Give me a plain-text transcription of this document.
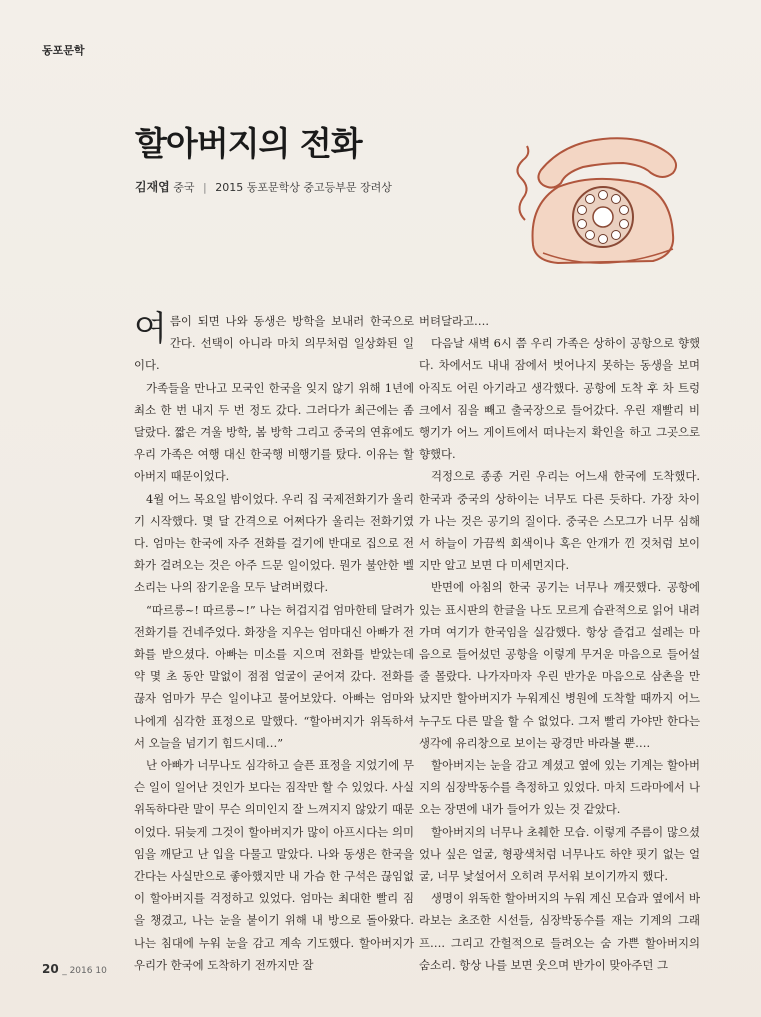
동포문학
할아버지의 전화
김재엽 중국 | 2015 동포문학상 중고등부문 장려상

여름이 되면 나와 동생은 방학을 보내러 한국으로 간다. 선택이 아니라 마치 의무처럼 일상화된 일이다.

가족들을 만나고 모국인 한국을 잊지 않기 위해 1년에 최소 한 번 내지 두 번 정도 갔다. 그러다가 최근에는 좀 달랐다. 짧은 겨울 방학, 봄 방학 그리고 중국의 연휴에도 우리 가족은 여행 대신 한국행 비행기를 탔다. 이유는 할아버지 때문이었다.

4월 어느 목요일 밤이었다. 우리 집 국제전화기가 울리기 시작했다. 몇 달 간격으로 어쩌다가 울리는 전화기였다. 엄마는 한국에 자주 전화를 걸기에 반대로 집으로 전화가 걸려오는 것은 아주 드문 일이었다. 뭔가 불안한 벨 소리는 나의 잠기운을 모두 날려버렸다.

“따르릉~! 따르릉~!” 나는 허겁지겁 엄마한테 달려가 전화기를 건네주었다. 화장을 지우는 엄마대신 아빠가 전화를 받으셨다. 아빠는 미소를 지으며 전화를 받았는데 약 몇 초 동안 말없이 점점 얼굴이 굳어져 갔다. 전화를 끊자 엄마가 무슨 일이냐고 물어보았다. 아빠는 엄마와 나에게 심각한 표정으로 말했다. “할아버지가 위독하셔서 오늘을 넘기기 힘드시데…”

난 아빠가 너무나도 심각하고 슬픈 표정을 지었기에 무슨 일이 일어난 것인가 보다는 짐작만 할 수 있었다. 사실 위독하다란 말이 무슨 의미인지 잘 느껴지지 않았기 때문이었다. 뒤늦게 그것이 할아버지가 많이 아프시다는 의미임을 깨닫고 난 입을 다물고 말았다. 나와 동생은 한국을 간다는 사실만으로 좋아했지만 내 가슴 한 구석은 끊임없이 할아버지를 걱정하고 있었다. 엄마는 최대한 빨리 짐을 챙겼고, 나는 눈을 붙이기 위해 내 방으로 돌아왔다. 나는 침대에 누워 눈을 감고 계속 기도했다. 할아버지가 우리가 한국에 도착하기 전까지만 잘

버텨달라고….

다음날 새벽 6시 쯤 우리 가족은 상하이 공항으로 향했다. 차에서도 내내 잠에서 벗어나지 못하는 동생을 보며 아직도 어린 아기라고 생각했다. 공항에 도착 후 차 트렁크에서 짐을 빼고 출국장으로 들어갔다. 우린 재빨리 비행기가 어느 게이트에서 떠나는지 확인을 하고 그곳으로 향했다.

걱정으로 종종 거린 우리는 어느새 한국에 도착했다. 한국과 중국의 상하이는 너무도 다른 듯하다. 가장 차이가 나는 것은 공기의 질이다. 중국은 스모그가 너무 심해서 하늘이 가끔씩 회색이나 혹은 안개가 낀 것처럼 보이지만 알고 보면 다 미세먼지다.

반면에 아침의 한국 공기는 너무나 깨끗했다. 공항에 있는 표시판의 한글을 나도 모르게 습관적으로 읽어 내려가며 여기가 한국임을 실감했다. 항상 즐겁고 설레는 마음으로 들어섰던 공항을 이렇게 무거운 마음으로 들어설 줄 몰랐다. 나가자마자 우린 반가운 마음으로 삼촌을 만났지만 할아버지가 누워계신 병원에 도착할 때까지 어느 누구도 다른 말을 할 수 없었다. 그저 빨리 가야만 한다는 생각에 유리창으로 보이는 광경만 바라볼 뿐….

할아버지는 눈을 감고 계셨고 옆에 있는 기계는 할아버지의 심장박동수를 측정하고 있었다. 마치 드라마에서 나오는 장면에 내가 들어가 있는 것 같았다.

할아버지의 너무나 초췌한 모습. 이렇게 주름이 많으셨었나 싶은 얼굴, 형광색처럼 너무나도 하얀 핏기 없는 얼굴, 너무 낯설어서 오히려 무서워 보이기까지 했다.

생명이 위독한 할아버지의 누워 계신 모습과 옆에서 바라보는 초조한 시선들, 심장박동수를 재는 기계의 그래프…. 그리고 간헐적으로 들려오는 숨 가쁜 할아버지의 숨소리. 항상 나를 보면 웃으며 반가이 맞아주던 그

20 _ 2016 10
